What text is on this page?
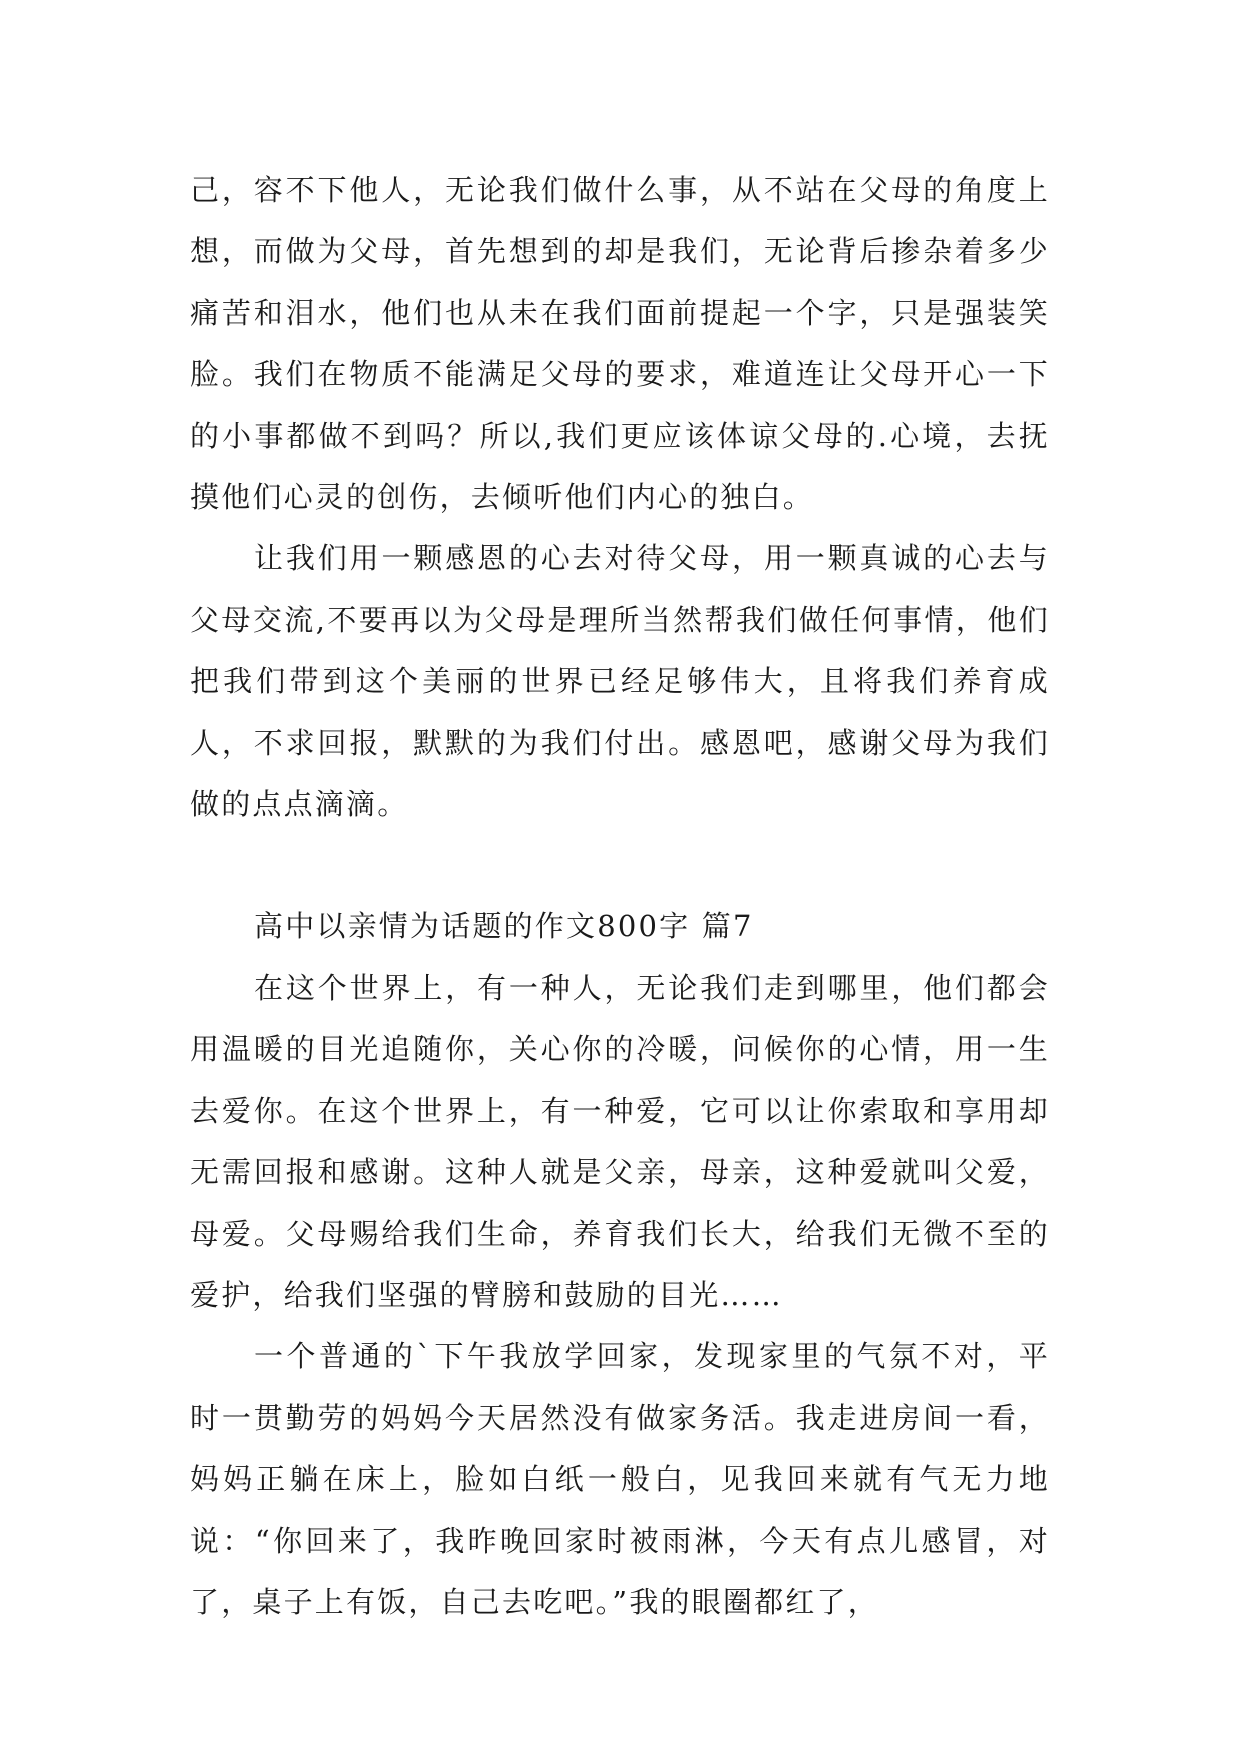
己，容不下他人，无论我们做什么事，从不站在父母的角度上想，而做为父母，首先想到的却是我们，无论背后掺杂着多少痛苦和泪水，他们也从未在我们面前提起一个字，只是强装笑脸。我们在物质不能满足父母的要求，难道连让父母开心一下的小事都做不到吗？所以,我们更应该体谅父母的.心境，去抚摸他们心灵的创伤，去倾听他们内心的独白。

让我们用一颗感恩的心去对待父母，用一颗真诚的心去与父母交流,不要再以为父母是理所当然帮我们做任何事情，他们把我们带到这个美丽的世界已经足够伟大，且将我们养育成人，不求回报，默默的为我们付出。感恩吧，感谢父母为我们做的点点滴滴。

高中以亲情为话题的作文800字 篇7

在这个世界上，有一种人，无论我们走到哪里，他们都会用温暖的目光追随你，关心你的冷暖，问候你的心情，用一生去爱你。在这个世界上，有一种爱，它可以让你索取和享用却无需回报和感谢。这种人就是父亲，母亲，这种爱就叫父爱，母爱。父母赐给我们生命，养育我们长大，给我们无微不至的爱护，给我们坚强的臂膀和鼓励的目光……

一个普通的`下午我放学回家，发现家里的气氛不对，平时一贯勤劳的妈妈今天居然没有做家务活。我走进房间一看，妈妈正躺在床上，脸如白纸一般白，见我回来就有气无力地说：“你回来了，我昨晚回家时被雨淋，今天有点儿感冒，对了，桌子上有饭，自己去吃吧。”我的眼圈都红了，
